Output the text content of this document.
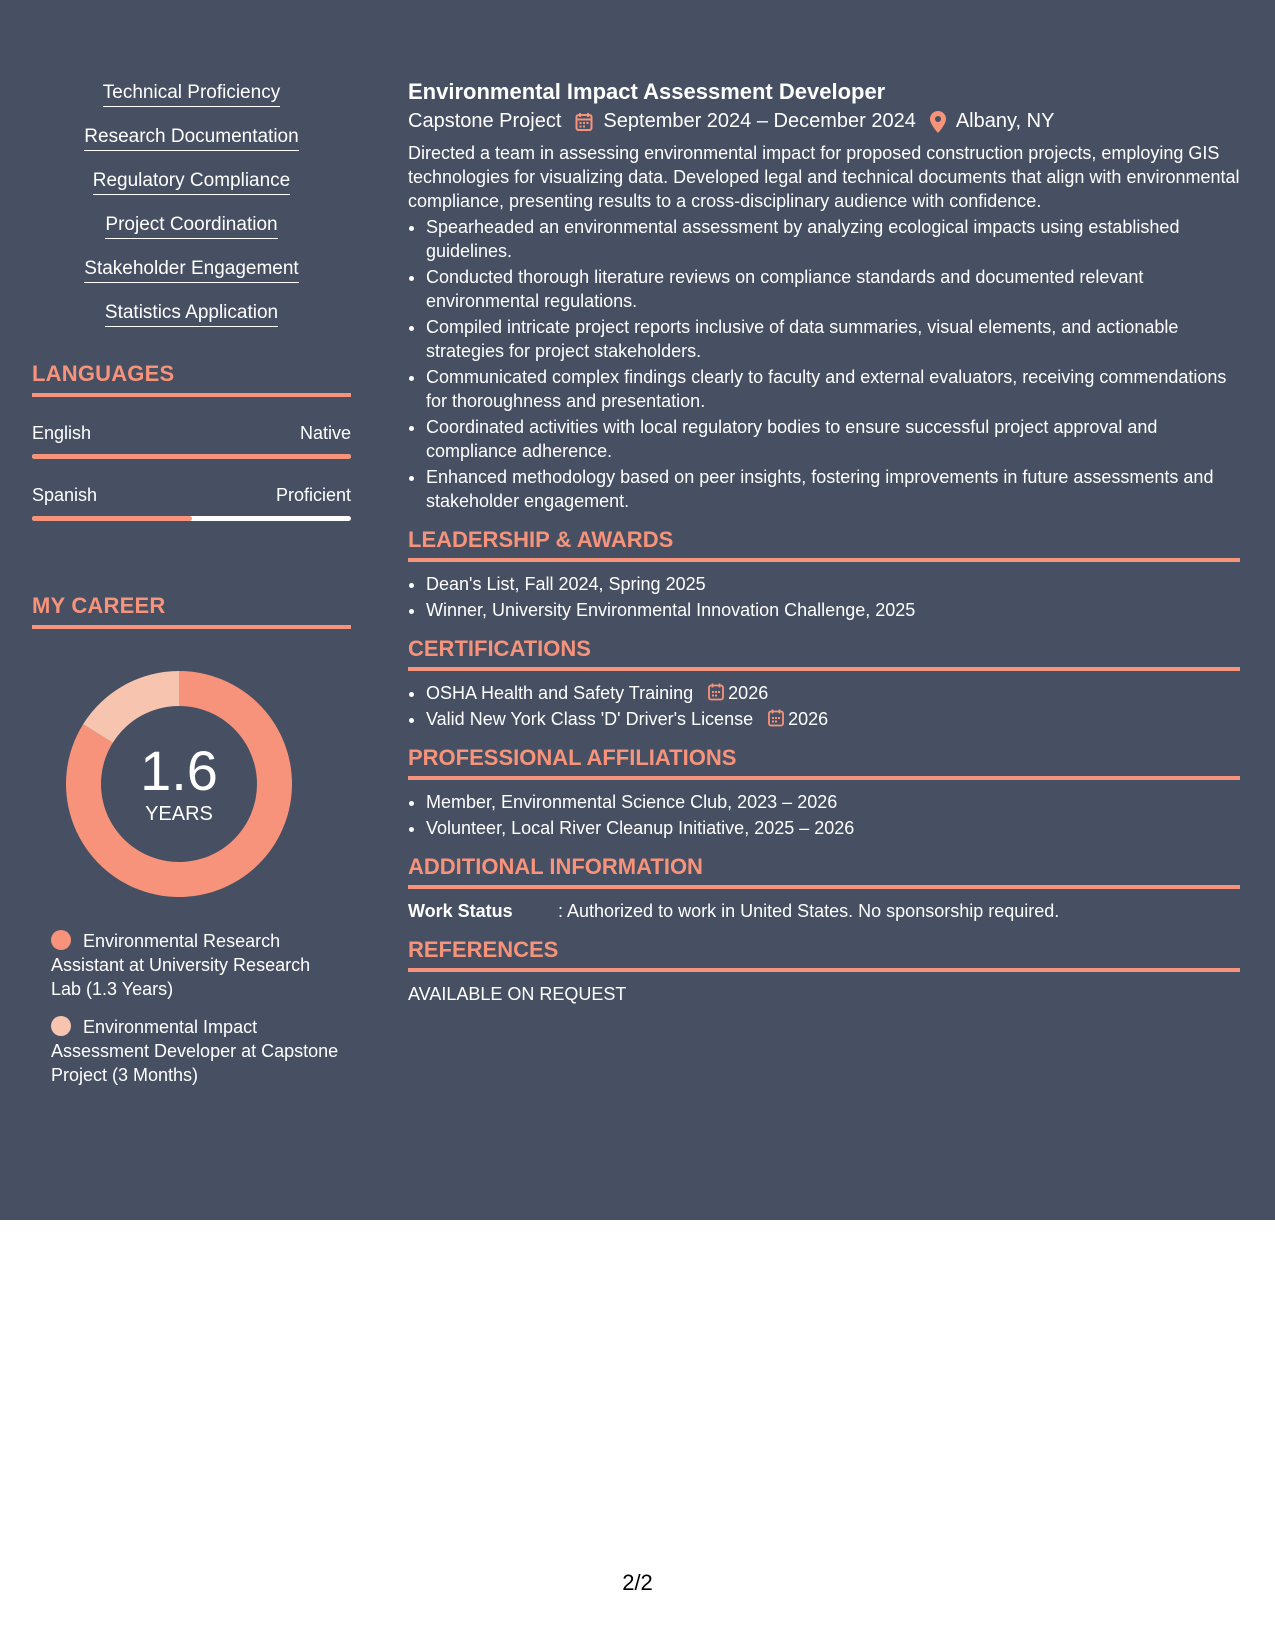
Technical Proficiency
Research Documentation
Regulatory Compliance
Project Coordination
Stakeholder Engagement
Statistics Application
LANGUAGES
English	Native
Spanish	Proficient
MY CAREER
1.6
YEARS
Environmental Research Assistant at University Research Lab (1.3 Years)
Environmental Impact Assessment Developer at Capstone Project (3 Months)
Environmental Impact Assessment Developer
Capstone Project September 2024 – December 2024 Albany, NY
Directed a team in assessing environmental impact for proposed construction projects, employing GIS technologies for visualizing data. Developed legal and technical documents that align with environmental compliance, presenting results to a cross-disciplinary audience with confidence.
• Spearheaded an environmental assessment by analyzing ecological impacts using established guidelines.
• Conducted thorough literature reviews on compliance standards and documented relevant environmental regulations.
• Compiled intricate project reports inclusive of data summaries, visual elements, and actionable strategies for project stakeholders.
• Communicated complex findings clearly to faculty and external evaluators, receiving commendations for thoroughness and presentation.
• Coordinated activities with local regulatory bodies to ensure successful project approval and compliance adherence.
• Enhanced methodology based on peer insights, fostering improvements in future assessments and stakeholder engagement.
LEADERSHIP & AWARDS
• Dean's List, Fall 2024, Spring 2025
• Winner, University Environmental Innovation Challenge, 2025
CERTIFICATIONS
• OSHA Health and Safety Training 2026
• Valid New York Class 'D' Driver's License 2026
PROFESSIONAL AFFILIATIONS
• Member, Environmental Science Club, 2023 – 2026
• Volunteer, Local River Cleanup Initiative, 2025 – 2026
ADDITIONAL INFORMATION
Work Status	: Authorized to work in United States. No sponsorship required.
REFERENCES
AVAILABLE ON REQUEST
2/2
